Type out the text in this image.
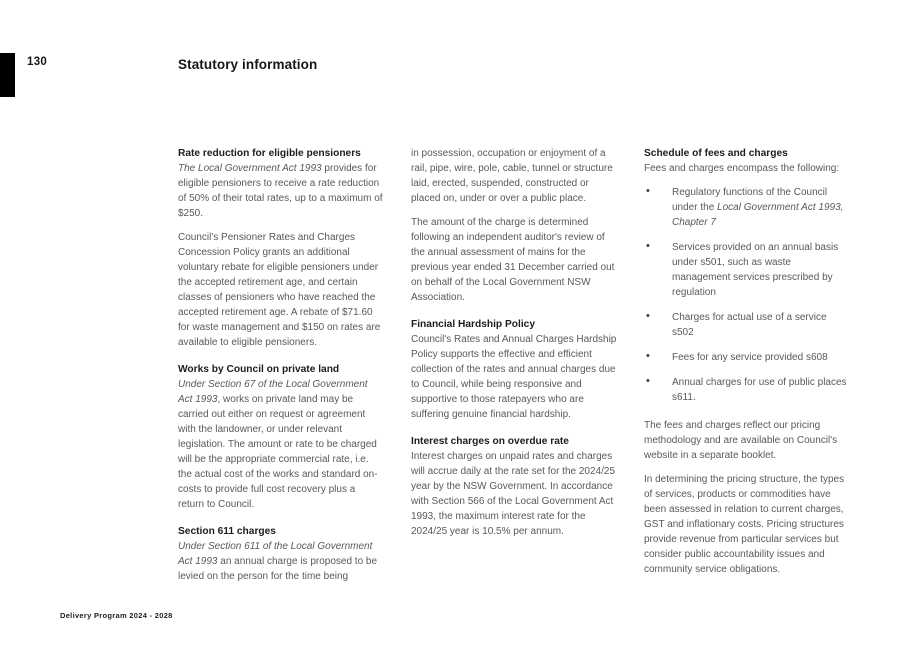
130	Statutory information
Rate reduction for eligible pensioners

The Local Government Act 1993 provides for eligible pensioners to receive a rate reduction of 50% of their total rates, up to a maximum of $250.

Council's Pensioner Rates and Charges Concession Policy grants an additional voluntary rebate for eligible pensioners under the accepted retirement age, and certain classes of pensioners who have reached the accepted retirement age. A rebate of $71.60 for waste management and $150 on rates are available to eligible pensioners.

Works by Council on private land

Under Section 67 of the Local Government Act 1993, works on private land may be carried out either on request or agreement with the landowner, or under relevant legislation. The amount or rate to be charged will be the appropriate commercial rate, i.e. the actual cost of the works and standard on-costs to provide full cost recovery plus a return to Council.

Section 611 charges

Under Section 611 of the Local Government Act 1993 an annual charge is proposed to be levied on the person for the time being

in possession, occupation or enjoyment of a rail, pipe, wire, pole, cable, tunnel or structure laid, erected, suspended, constructed or placed on, under or over a public place.

The amount of the charge is determined following an independent auditor's review of the annual assessment of mains for the previous year ended 31 December carried out on behalf of the Local Government NSW Association.

Financial Hardship Policy

Council's Rates and Annual Charges Hardship Policy supports the effective and efficient collection of the rates and annual charges due to Council, while being responsive and supportive to those ratepayers who are suffering genuine financial hardship.

Interest charges on overdue rate

Interest charges on unpaid rates and charges will accrue daily at the rate set for the 2024/25 year by the NSW Government. In accordance with Section 566 of the Local Government Act 1993, the maximum interest rate for the 2024/25 year is 10.5% per annum.

Schedule of fees and charges

Fees and charges encompass the following:

• Regulatory functions of the Council under the Local Government Act 1993, Chapter 7
• Services provided on an annual basis under s501, such as waste management services prescribed by regulation
• Charges for actual use of a service s502
• Fees for any service provided s608
• Annual charges for use of public places s611.

The fees and charges reflect our pricing methodology and are available on Council's website in a separate booklet.

In determining the pricing structure, the types of services, products or commodities have been assessed in relation to current charges, GST and inflationary costs. Pricing structures provide revenue from particular services but consider public accountability issues and community service obligations.

Delivery Program 2024 - 2028
